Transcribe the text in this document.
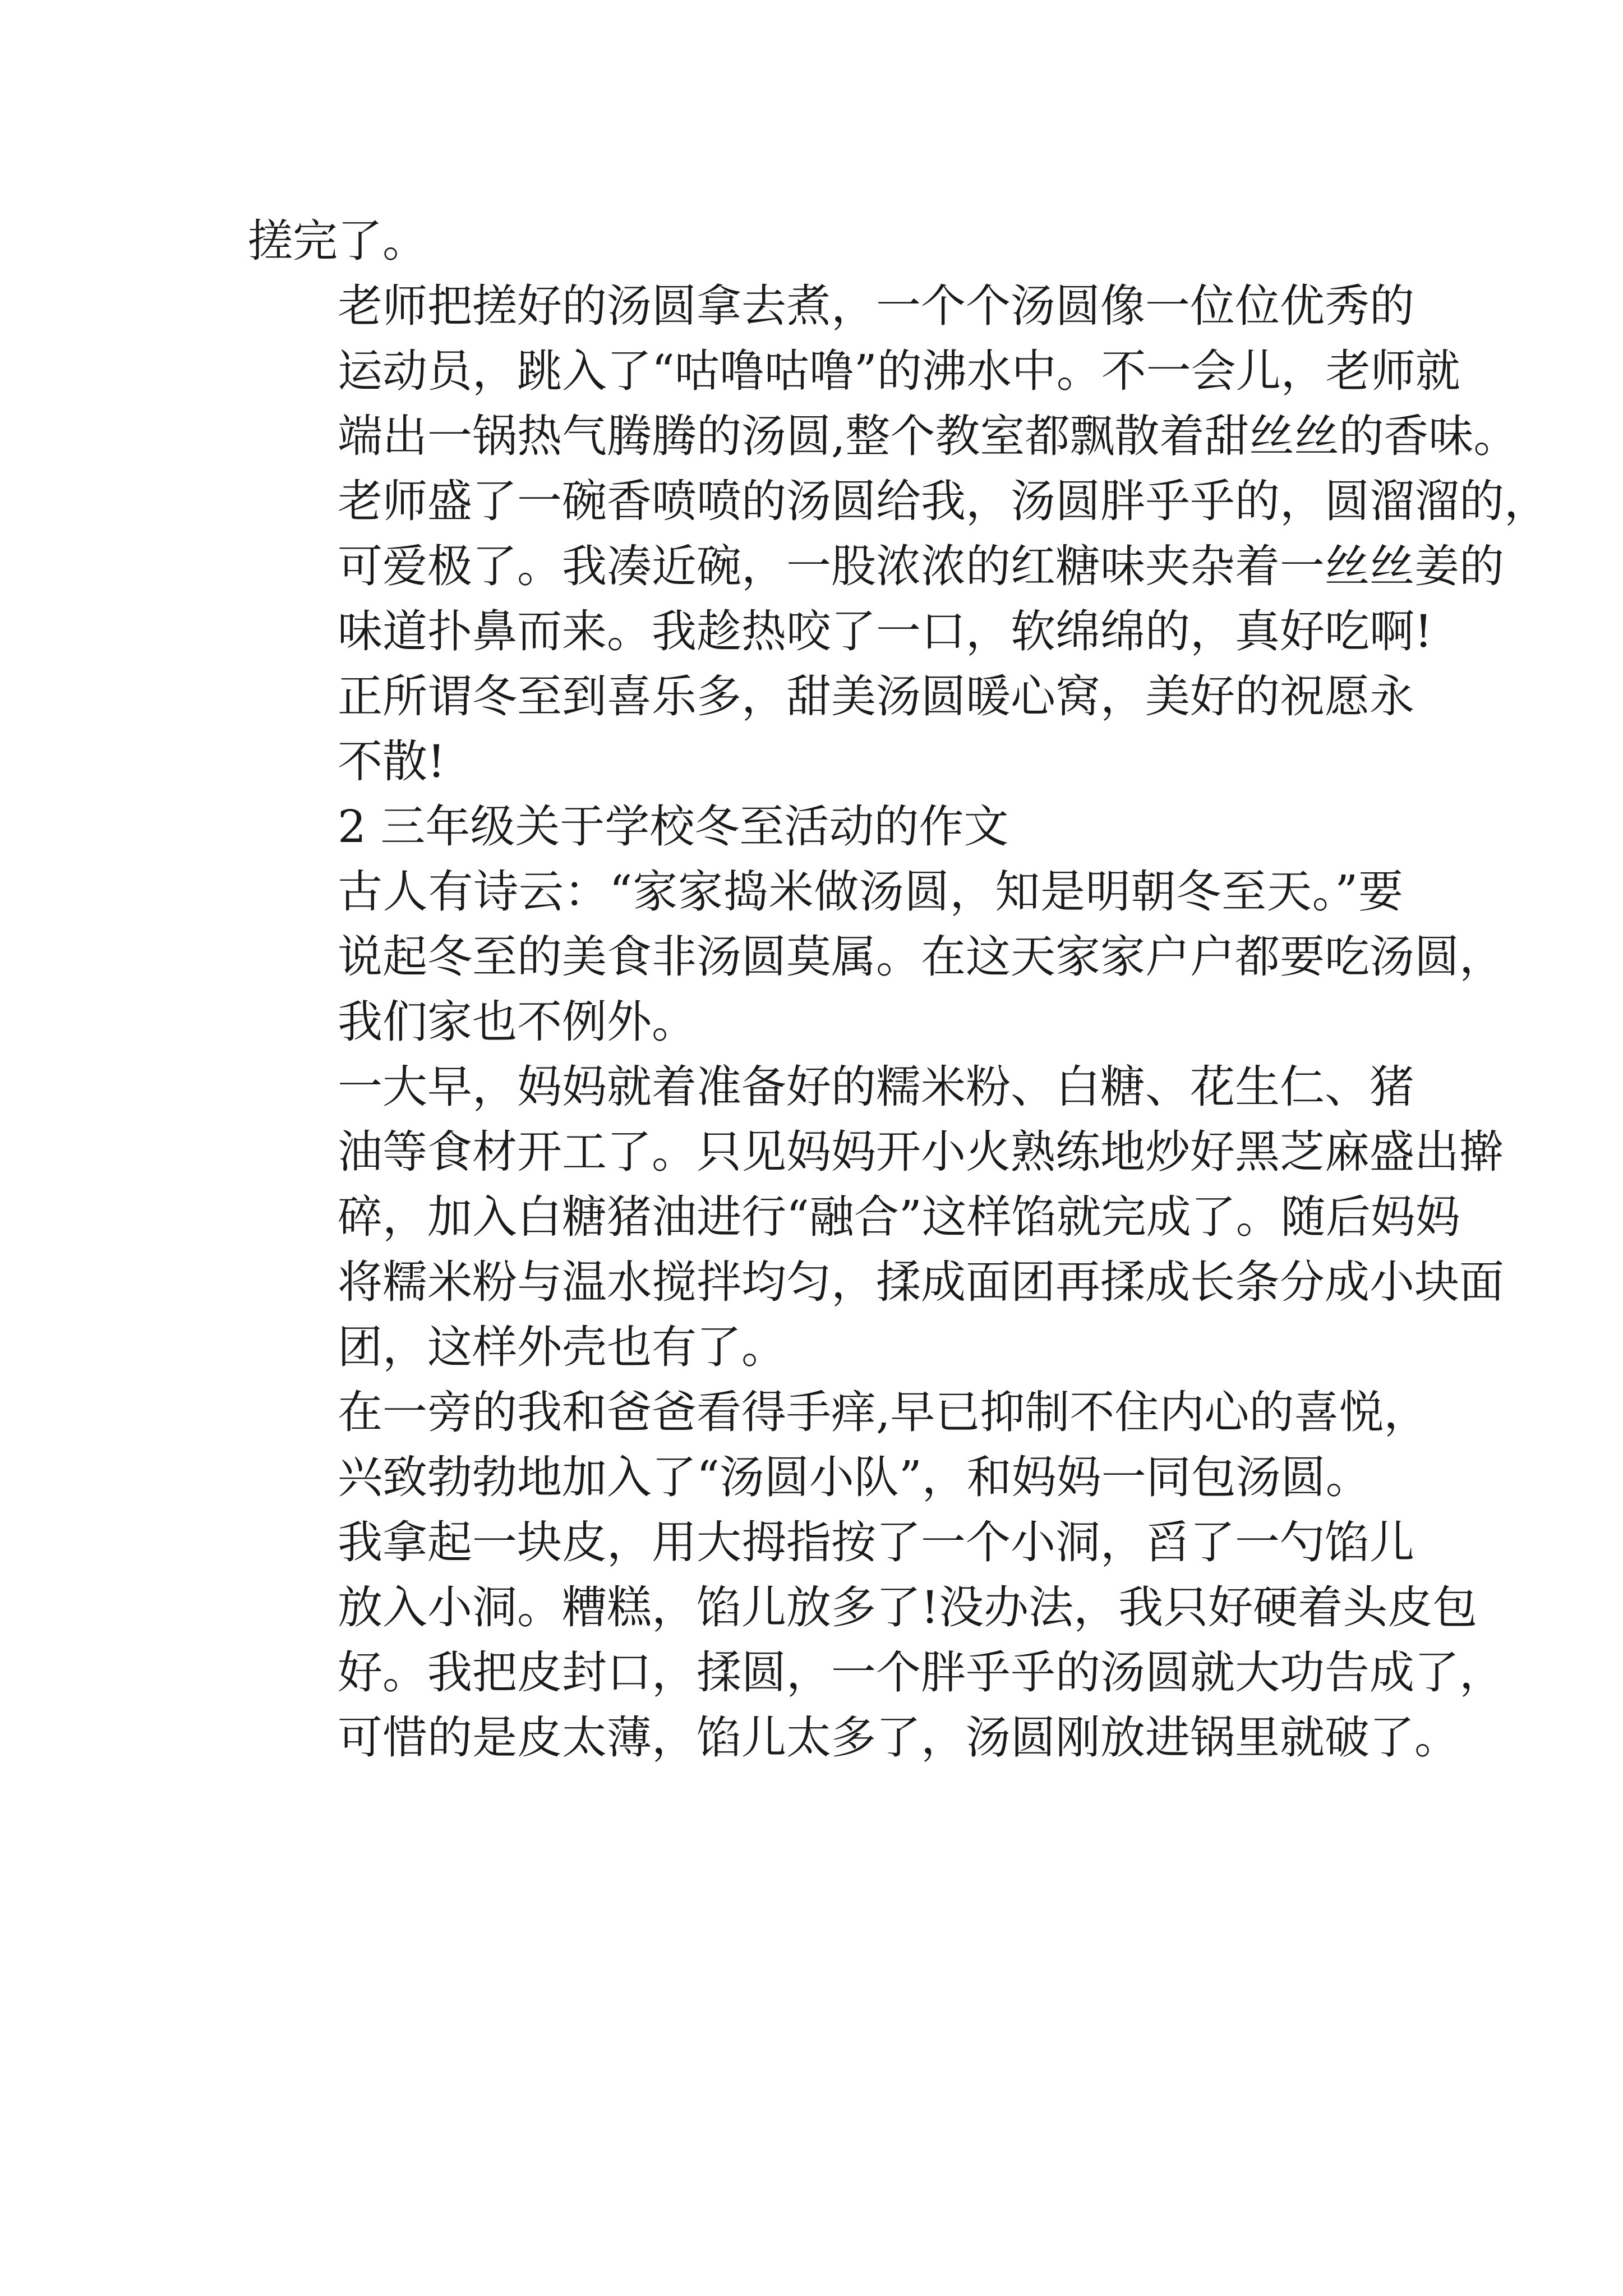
搓完了。

老师把搓好的汤圆拿去煮，一个个汤圆像一位位优秀的
运动员，跳入了“咕噜咕噜”的沸水中。不一会儿，老师就
端出一锅热气腾腾的汤圆,整个教室都飘散着甜丝丝的香味。
老师盛了一碗香喷喷的汤圆给我，汤圆胖乎乎的，圆溜溜的，
可爱极了。我凑近碗，一股浓浓的红糖味夹杂着一丝丝姜的
味道扑鼻而来。我趁热咬了一口，软绵绵的，真好吃啊!

正所谓冬至到喜乐多，甜美汤圆暖心窝，美好的祝愿永
不散!

2 三年级关于学校冬至活动的作文

古人有诗云：“家家捣米做汤圆，知是明朝冬至天。”要
说起冬至的美食非汤圆莫属。在这天家家户户都要吃汤圆，
我们家也不例外。

一大早，妈妈就着准备好的糯米粉、白糖、花生仁、猪
油等食材开工了。只见妈妈开小火熟练地炒好黑芝麻盛出擀
碎，加入白糖猪油进行“融合”这样馅就完成了。随后妈妈
将糯米粉与温水搅拌均匀，揉成面团再揉成长条分成小块面
团，这样外壳也有了。

在一旁的我和爸爸看得手痒,早已抑制不住内心的喜悦，
兴致勃勃地加入了“汤圆小队”，和妈妈一同包汤圆。

我拿起一块皮，用大拇指按了一个小洞，舀了一勺馅儿
放入小洞。糟糕，馅儿放多了!没办法，我只好硬着头皮包
好。我把皮封口，揉圆，一个胖乎乎的汤圆就大功告成了，
可惜的是皮太薄，馅儿太多了，汤圆刚放进锅里就破了。
